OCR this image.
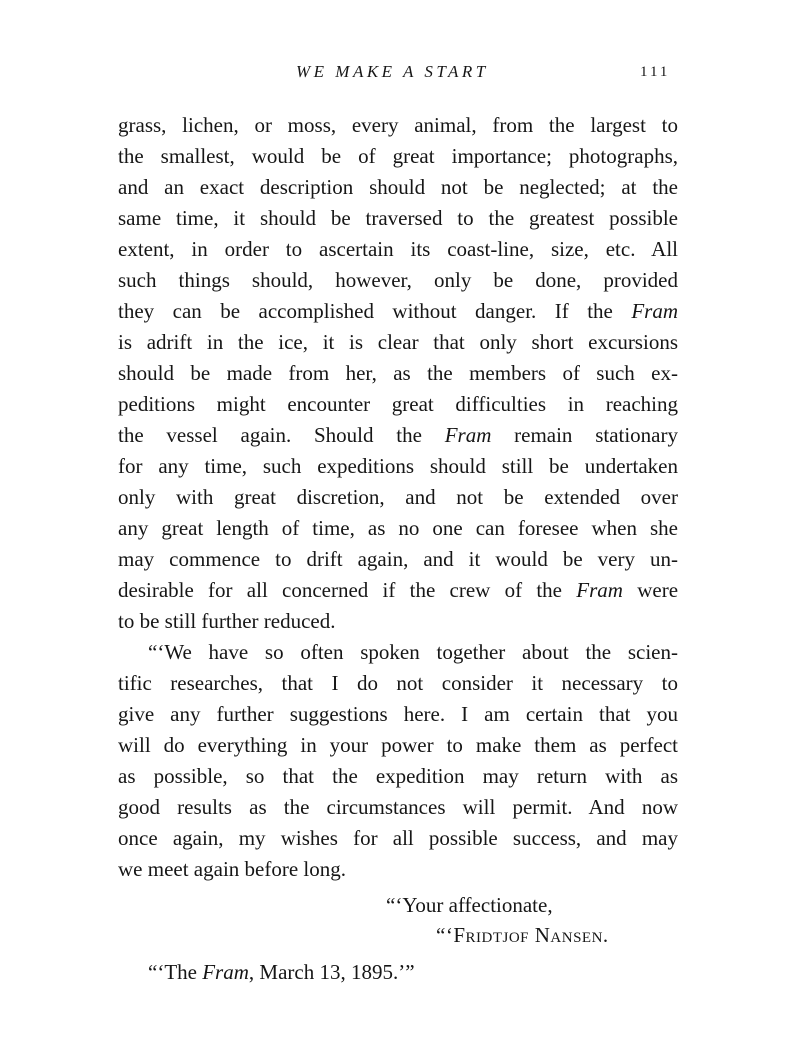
WE MAKE A START	111
grass, lichen, or moss, every animal, from the largest to
the smallest, would be of great importance; photographs,
and an exact description should not be neglected; at the
same time, it should be traversed to the greatest possible
extent, in order to ascertain its coast-line, size, etc. All
such things should, however, only be done, provided
they can be accomplished without danger. If the Fram
is adrift in the ice, it is clear that only short excursions
should be made from her, as the members of such ex-
peditions might encounter great difficulties in reaching
the vessel again. Should the Fram remain stationary
for any time, such expeditions should still be undertaken
only with great discretion, and not be extended over
any great length of time, as no one can foresee when she
may commence to drift again, and it would be very un-
desirable for all concerned if the crew of the Fram were
to be still further reduced.
“‘We have so often spoken together about the scien-
tific researches, that I do not consider it necessary to
give any further suggestions here. I am certain that you
will do everything in your power to make them as perfect
as possible, so that the expedition may return with as
good results as the circumstances will permit. And now
once again, my wishes for all possible success, and may
we meet again before long.
“‘Your affectionate,
“‘Fridtjof Nansen.
“‘The Fram, March 13, 1895.’”
